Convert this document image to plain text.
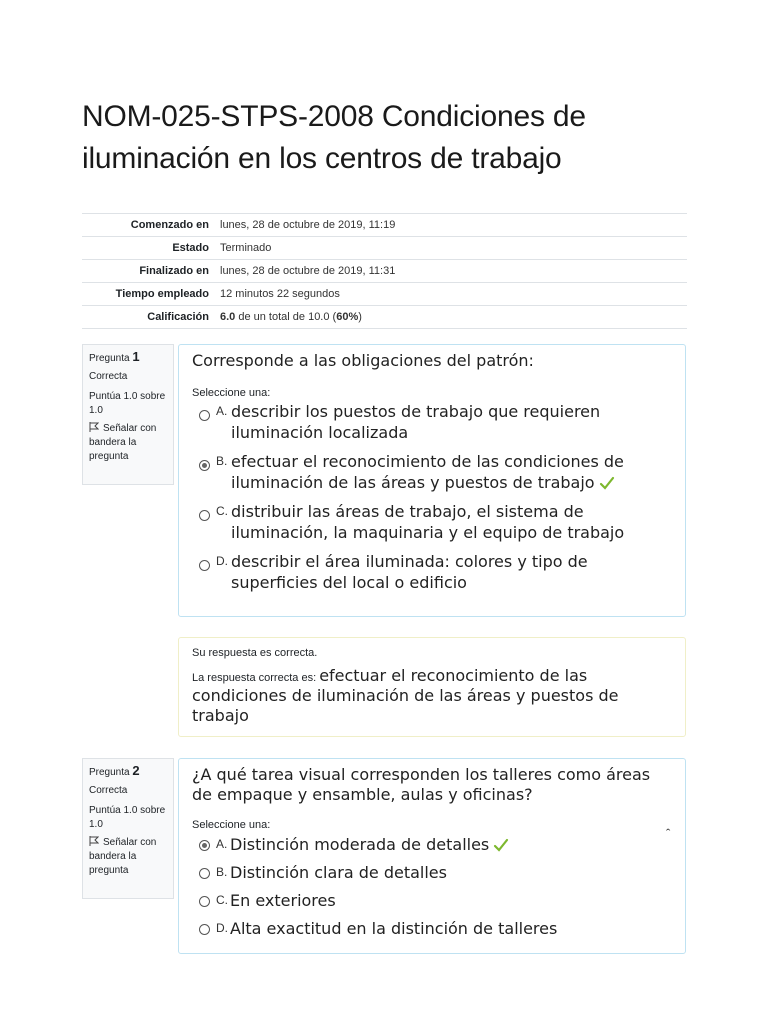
NOM-025-STPS-2008 Condiciones de iluminación en los centros de trabajo
Comenzado en	lunes, 28 de octubre de 2019, 11:19
Estado	Terminado
Finalizado en	lunes, 28 de octubre de 2019, 11:31
Tiempo empleado	12 minutos 22 segundos
Calificación	6.0 de un total de 10.0 (60%)
Pregunta 1
Correcta
Puntúa 1.0 sobre 1.0
Señalar con bandera la pregunta
Corresponde a las obligaciones del patrón:
Seleccione una:
A. describir los puestos de trabajo que requieren iluminación localizada
B. efectuar el reconocimiento de las condiciones de iluminación de las áreas y puestos de trabajo
C. distribuir las áreas de trabajo, el sistema de iluminación, la maquinaria y el equipo de trabajo
D. describir el área iluminada: colores y tipo de superficies del local o edificio
Su respuesta es correcta.
La respuesta correcta es: efectuar el reconocimiento de las condiciones de iluminación de las áreas y puestos de trabajo
Pregunta 2
Correcta
Puntúa 1.0 sobre 1.0
Señalar con bandera la pregunta
¿A qué tarea visual corresponden los talleres como áreas de empaque y ensamble, aulas y oficinas?
Seleccione una:
A. Distinción moderada de detalles
B. Distinción clara de detalles
C. En exteriores
D. Alta exactitud en la distinción de talleres
ˆ
